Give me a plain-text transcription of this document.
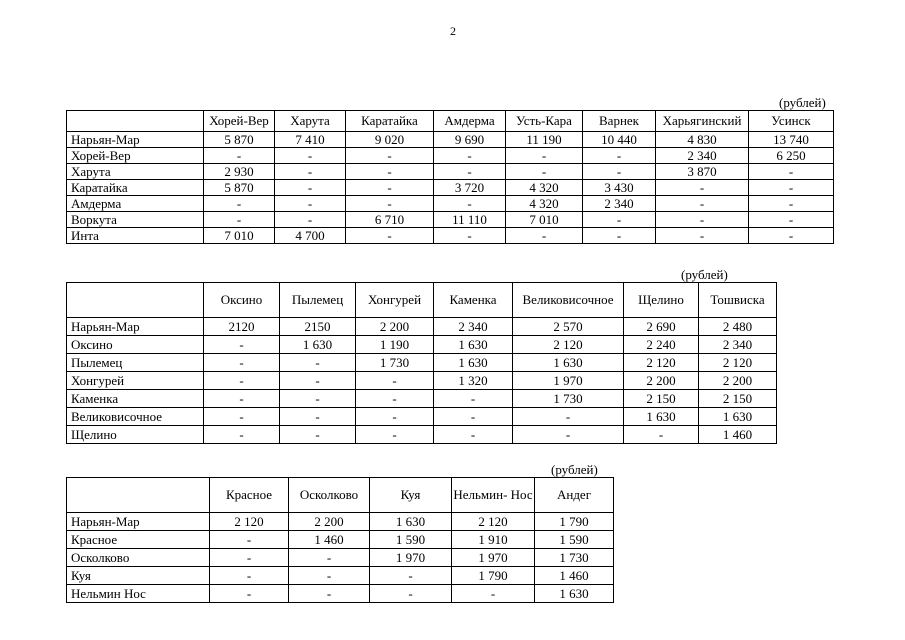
2
(рублей)
	Хорей-Вер	Харута	Каратайка	Амдерма	Усть-Кара	Варнек	Харьягинский	Усинск
Нарьян-Мар	5 870	7 410	9 020	9 690	11 190	10 440	4 830	13 740
Хорей-Вер	-	-	-	-	-	-	2 340	6 250
Харута	2 930	-	-	-	-	-	3 870	-
Каратайка	5 870	-	-	3 720	4 320	3 430	-	-
Амдерма	-	-	-	-	4 320	2 340	-	-
Воркута	-	-	6 710	11 110	7 010	-	-	-
Инта	7 010	4 700	-	-	-	-	-	-
(рублей)
	Оксино	Пылемец	Хонгурей	Каменка	Великовисочное	Щелино	Тошвиска
Нарьян-Мар	2120	2150	2 200	2 340	2 570	2 690	2 480
Оксино	-	1 630	1 190	1 630	2 120	2 240	2 340
Пылемец	-	-	1 730	1 630	1 630	2 120	2 120
Хонгурей	-	-	-	1 320	1 970	2 200	2 200
Каменка	-	-	-	-	1 730	2 150	2 150
Великовисочное	-	-	-	-	-	1 630	1 630
Щелино	-	-	-	-	-	-	1 460
(рублей)
	Красное	Осколково	Куя	Нельмин- Нос	Андег
Нарьян-Мар	2 120	2 200	1 630	2 120	1 790
Красное	-	1 460	1 590	1 910	1 590
Осколково	-	-	1 970	1 970	1 730
Куя	-	-	-	1 790	1 460
Нельмин Нос	-	-	-	-	1 630
